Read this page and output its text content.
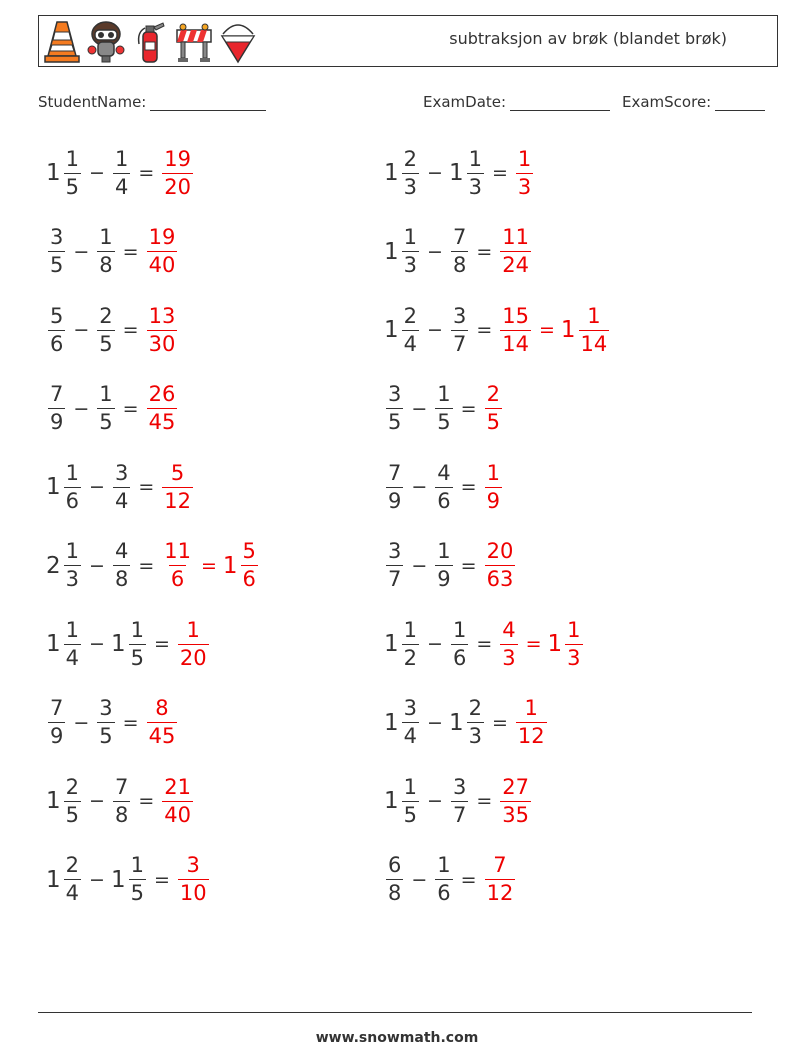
subtraksjon av brøk (blandet brøk)
StudentName:	ExamDate:	ExamScore:
$1 \frac{1}{5} - \frac{1}{4} = \frac{19}{20}$	$1 \frac{2}{3} - 1 \frac{1}{3} = \frac{1}{3}$
$\frac{3}{5} - \frac{1}{8} = \frac{19}{40}$	$1 \frac{1}{3} - \frac{7}{8} = \frac{11}{24}$
$\frac{5}{6} - \frac{2}{5} = \frac{13}{30}$	$1 \frac{2}{4} - \frac{3}{7} = \frac{15}{14} = 1 \frac{1}{14}$
$\frac{7}{9} - \frac{1}{5} = \frac{26}{45}$	$\frac{3}{5} - \frac{1}{5} = \frac{2}{5}$
$1 \frac{1}{6} - \frac{3}{4} = \frac{5}{12}$	$\frac{7}{9} - \frac{4}{6} = \frac{1}{9}$
$2 \frac{1}{3} - \frac{4}{8} = \frac{11}{6} = 1 \frac{5}{6}$	$\frac{3}{7} - \frac{1}{9} = \frac{20}{63}$
$1 \frac{1}{4} - 1 \frac{1}{5} = \frac{1}{20}$	$1 \frac{1}{2} - \frac{1}{6} = \frac{4}{3} = 1 \frac{1}{3}$
$\frac{7}{9} - \frac{3}{5} = \frac{8}{45}$	$1 \frac{3}{4} - 1 \frac{2}{3} = \frac{1}{12}$
$1 \frac{2}{5} - \frac{7}{8} = \frac{21}{40}$	$1 \frac{1}{5} - \frac{3}{7} = \frac{27}{35}$
$1 \frac{2}{4} - 1 \frac{1}{5} = \frac{3}{10}$	$\frac{6}{8} - \frac{1}{6} = \frac{7}{12}$
www.snowmath.com
